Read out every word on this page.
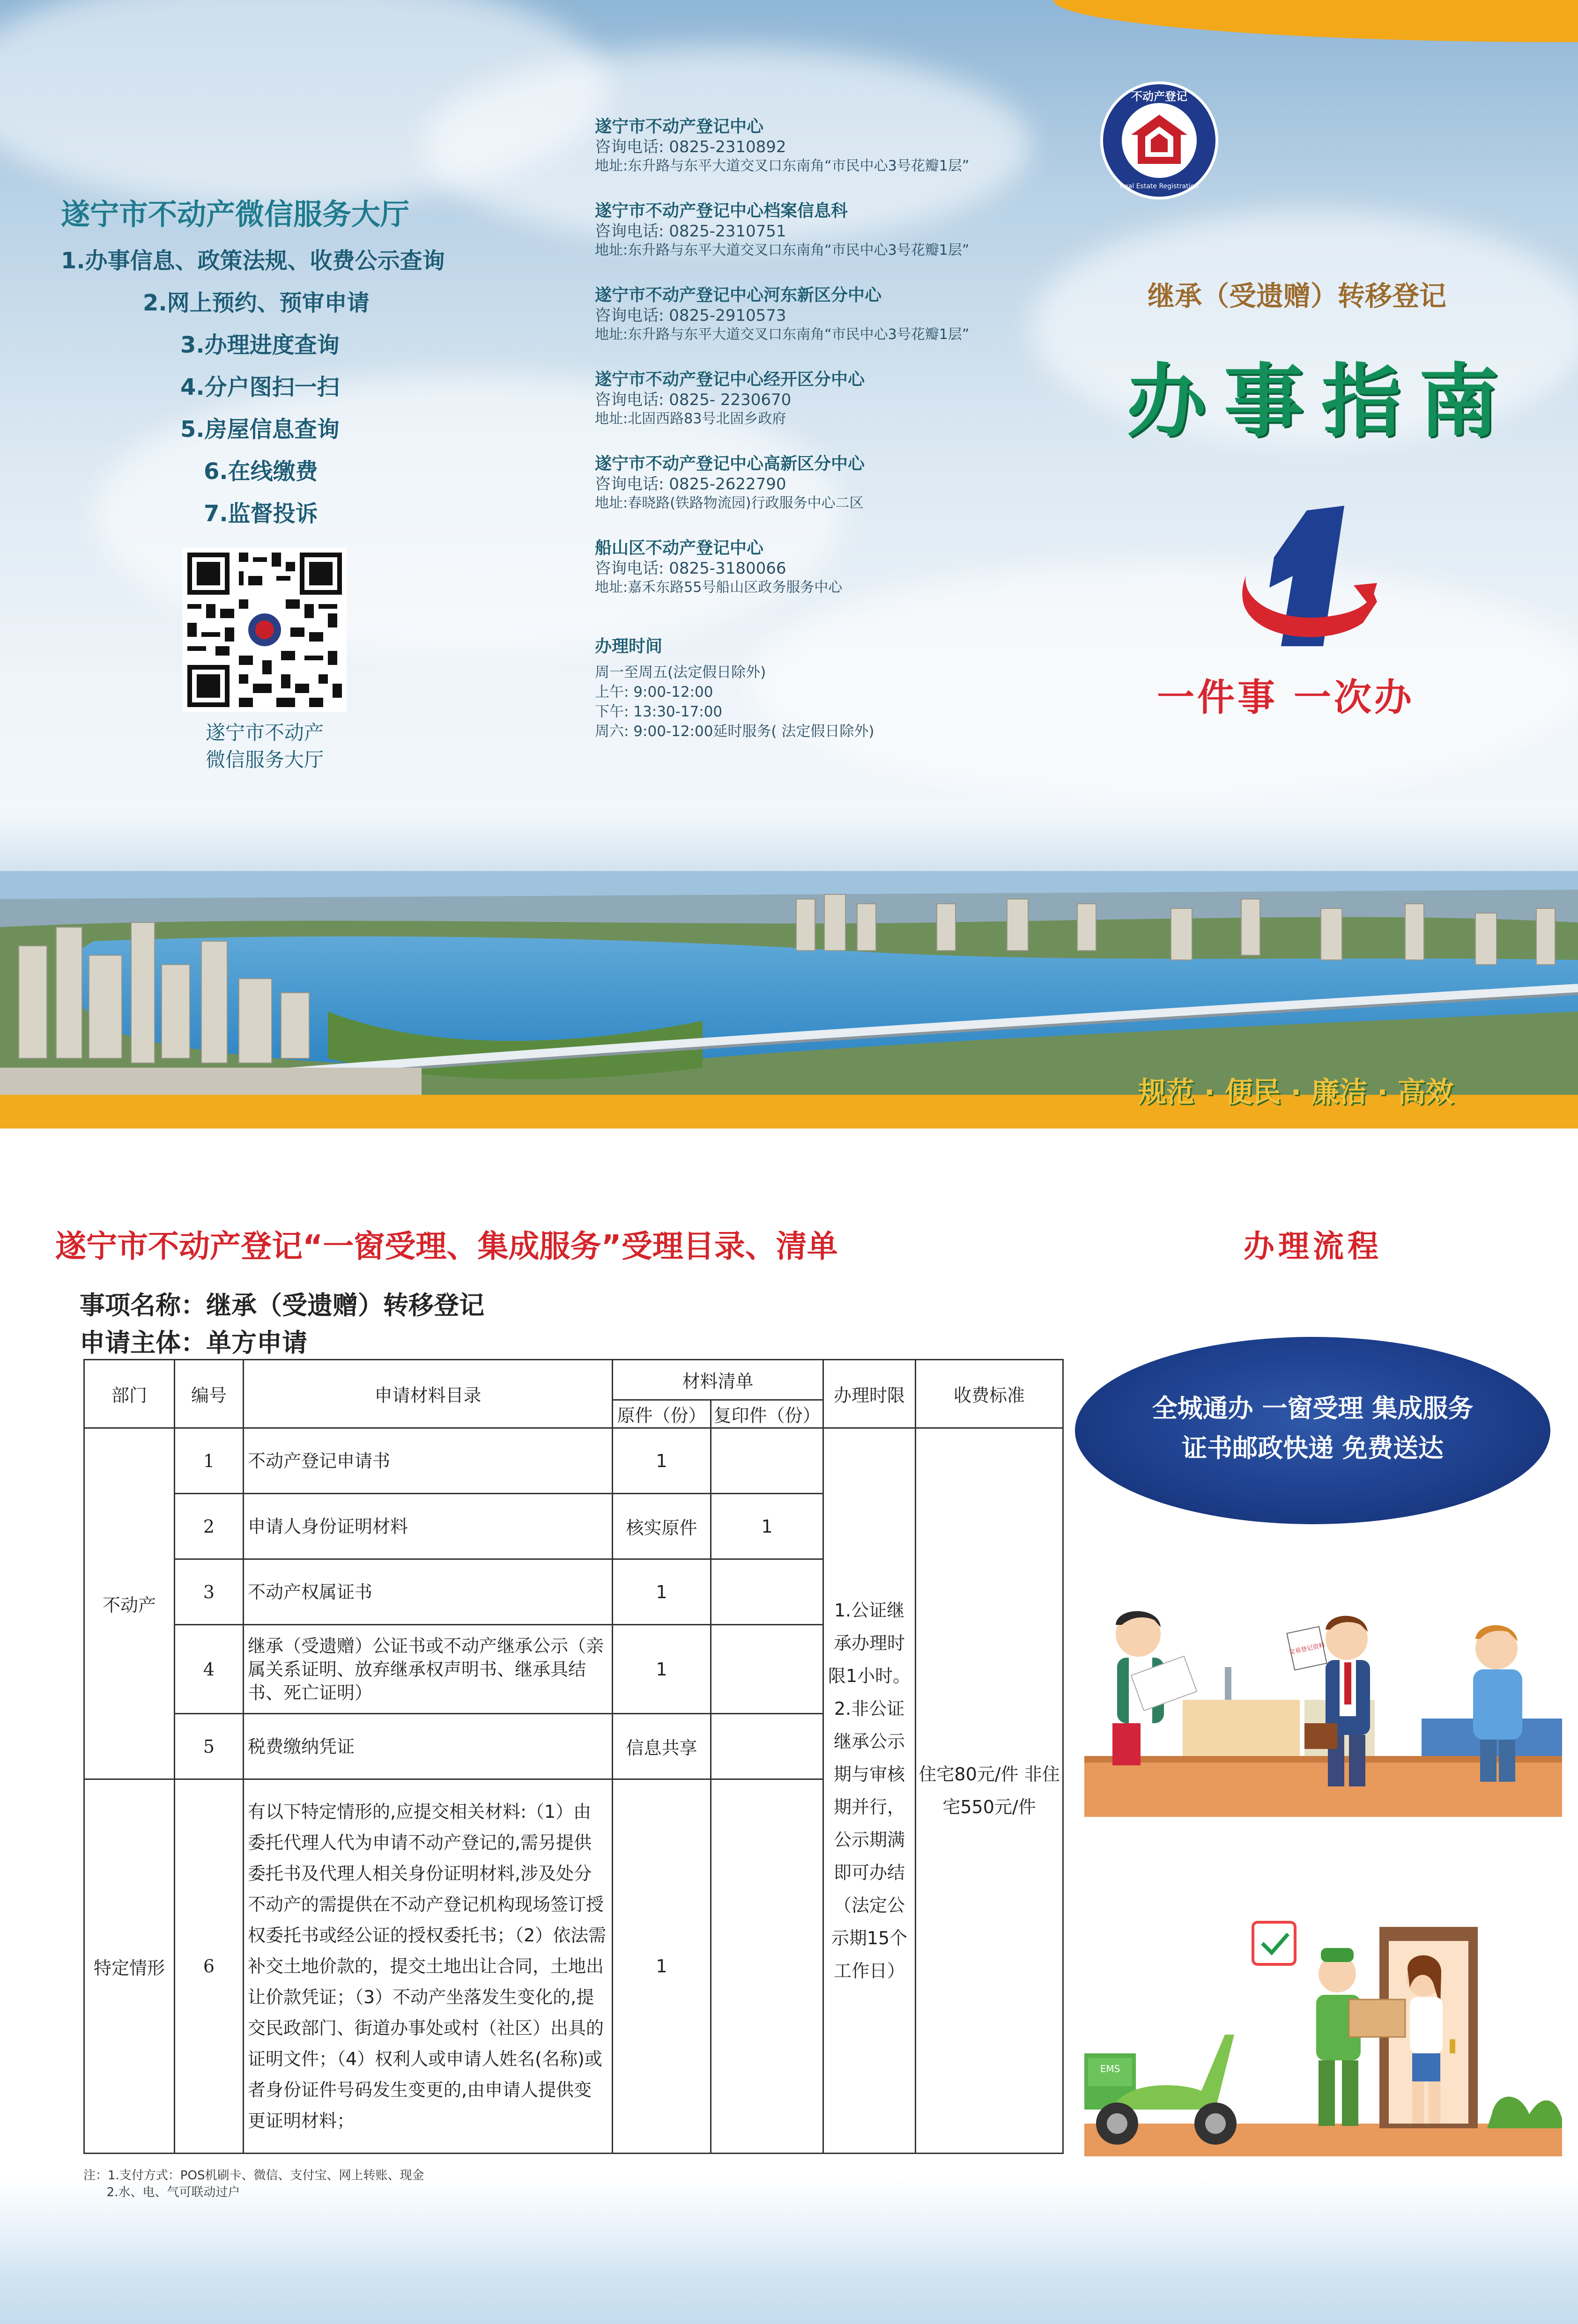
遂宁市不动产微信服务大厅
1.办事信息、政策法规、收费公示查询
2.网上预约、预审申请
3.办理进度查询
4.分户图扫一扫
5.房屋信息查询
6.在线缴费
7.监督投诉
遂宁市不动产
微信服务大厅
遂宁市不动产登记中心
咨询电话: 0825-2310892
地址:东升路与东平大道交叉口东南角“市民中心3号花瓣1层”
遂宁市不动产登记中心档案信息科
咨询电话: 0825-2310751
地址:东升路与东平大道交叉口东南角“市民中心3号花瓣1层”
遂宁市不动产登记中心河东新区分中心
咨询电话: 0825-2910573
地址:东升路与东平大道交叉口东南角“市民中心3号花瓣1层”
遂宁市不动产登记中心经开区分中心
咨询电话: 0825- 2230670
地址:北固西路83号北固乡政府
遂宁市不动产登记中心高新区分中心
咨询电话: 0825-2622790
地址:春晓路(铁路物流园)行政服务中心二区
船山区不动产登记中心
咨询电话: 0825-3180066
地址:嘉禾东路55号船山区政务服务中心
办理时间
周一至周五(法定假日除外)
上午: 9:00-12:00
下午: 13:30-17:00
周六: 9:00-12:00延时服务( 法定假日除外)
不动产登记
Real Estate Registration
继承（受遗赠）转移登记
办事指南
一件事 一次办
规范 · 便民 · 廉洁 · 高效
遂宁市不动产登记“一窗受理、集成服务”受理目录、清单	办理流程
事项名称：继承（受遗赠）转移登记
申请主体：单方申请
部门	编号	申请材料目录	材料清单		办理时限	收费标准
			原件（份）	复印件（份）		
不动产	1	不动产登记申请书	1		1.公证继承办理时限1小时。2.非公证继承公示期与审核期并行，公示期满即可办结（法定公示期15个工作日）	住宅80元/件 非住宅550元/件
	2	申请人身份证明材料	核实原件	1		
	3	不动产权属证书	1			
	4	继承（受遗赠）公证书或不动产继承公示（亲属关系证明、放弃继承权声明书、继承具结书、死亡证明）	1			
	5	税费缴纳凭证	信息共享			
特定情形	6	有以下特定情形的,应提交相关材料:（1）由委托代理人代为申请不动产登记的,需另提供委托书及代理人相关身份证明材料,涉及处分不动产的需提供在不动产登记机构现场签订授权委托书或经公证的授权委托书；（2）依法需补交土地价款的，提交土地出让合同，土地出让价款凭证；（3）不动产坐落发生变化的,提交民政部门、街道办事处或村（社区）出具的证明文件；（4）权利人或申请人姓名(名称)或者身份证件号码发生变更的,由申请人提供变更证明材料；	1			
注：1.支付方式：POS机刷卡、微信、支付宝、网上转账、现金
2.水、电、气可联动过户
全城通办 一窗受理 集成服务
证书邮政快递 免费送达
交易登记资料
EMS
